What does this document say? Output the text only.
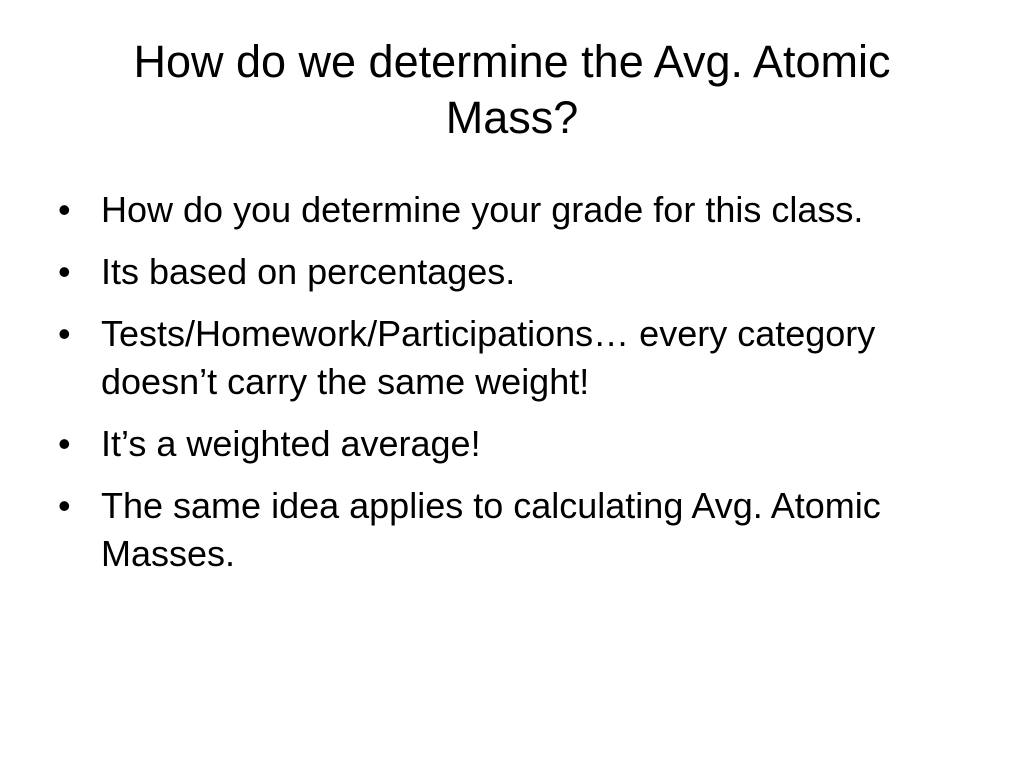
How do we determine the Avg. Atomic Mass?
• How do you determine your grade for this class.
• Its based on percentages.
• Tests/Homework/Participations… every category doesn’t carry the same weight!
• It’s a weighted average!
• The same idea applies to calculating Avg. Atomic Masses.
